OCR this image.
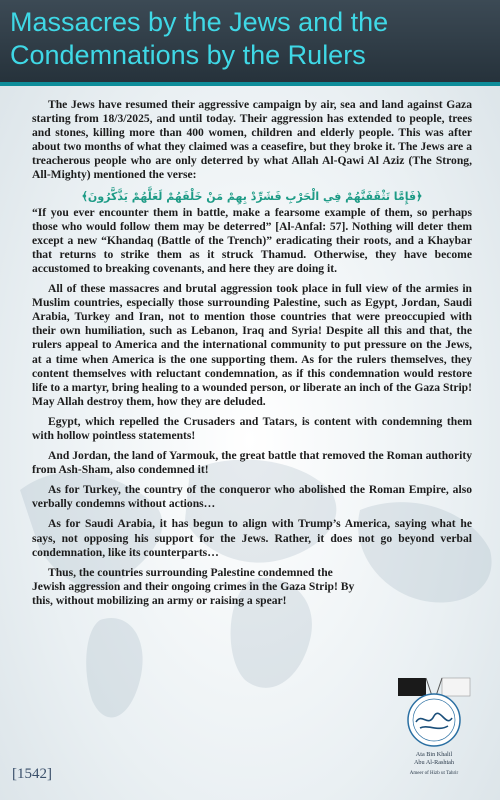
Massacres by the Jews and the Condemnations by the Rulers

The Jews have resumed their aggressive campaign by air, sea and land against Gaza starting from 18/3/2025, and until today. Their aggression has extended to people, trees and stones, killing more than 400 women, children and elderly people. This was after about two months of what they claimed was a ceasefire, but they broke it. The Jews are a treacherous people who are only deterred by what Allah Al-Qawi Al Aziz (The Strong, All-Mighty) mentioned the verse:

﴿فَإِمَّا تَثْقَفَنَّهُمْ فِي الْحَرْبِ فَشَرِّدْ بِهِمْ مَنْ خَلْفَهُمْ لَعَلَّهُمْ يَذَّكَّرُونَ﴾

“If you ever encounter them in battle, make a fearsome example of them, so perhaps those who would follow them may be deterred” [Al-Anfal: 57]. Nothing will deter them except a new “Khandaq (Battle of the Trench)” eradicating their roots, and a Khaybar that returns to strike them as it struck Thamud. Otherwise, they have become accustomed to breaking covenants, and here they are doing it.

All of these massacres and brutal aggression took place in full view of the armies in Muslim countries, especially those surrounding Palestine, such as Egypt, Jordan, Saudi Arabia, Turkey and Iran, not to mention those countries that were preoccupied with their own humiliation, such as Lebanon, Iraq and Syria! Despite all this and that, the rulers appeal to America and the international community to put pressure on the Jews, at a time when America is the one supporting them. As for the rulers themselves, they content themselves with reluctant condemnation, as if this condemnation would restore life to a martyr, bring healing to a wounded person, or liberate an inch of the Gaza Strip! May Allah destroy them, how they are deluded.

Egypt, which repelled the Crusaders and Tatars, is content with condemning them with hollow pointless statements!

And Jordan, the land of Yarmouk, the great battle that removed the Roman authority from Ash-Sham, also condemned it!

As for Turkey, the country of the conqueror who abolished the Roman Empire, also verbally condemns without actions…

As for Saudi Arabia, it has begun to align with Trump’s America, saying what he says, not opposing his support for the Jews. Rather, it does not go beyond verbal condemnation, like its counterparts…

Thus, the countries surrounding Palestine condemned the Jewish aggression and their ongoing crimes in the Gaza Strip! By this, without mobilizing an army or raising a spear!

Ata Bin Khalil
Abu Al-Rashtah
Ameer of Hizb ut Tahrir
[1542]
